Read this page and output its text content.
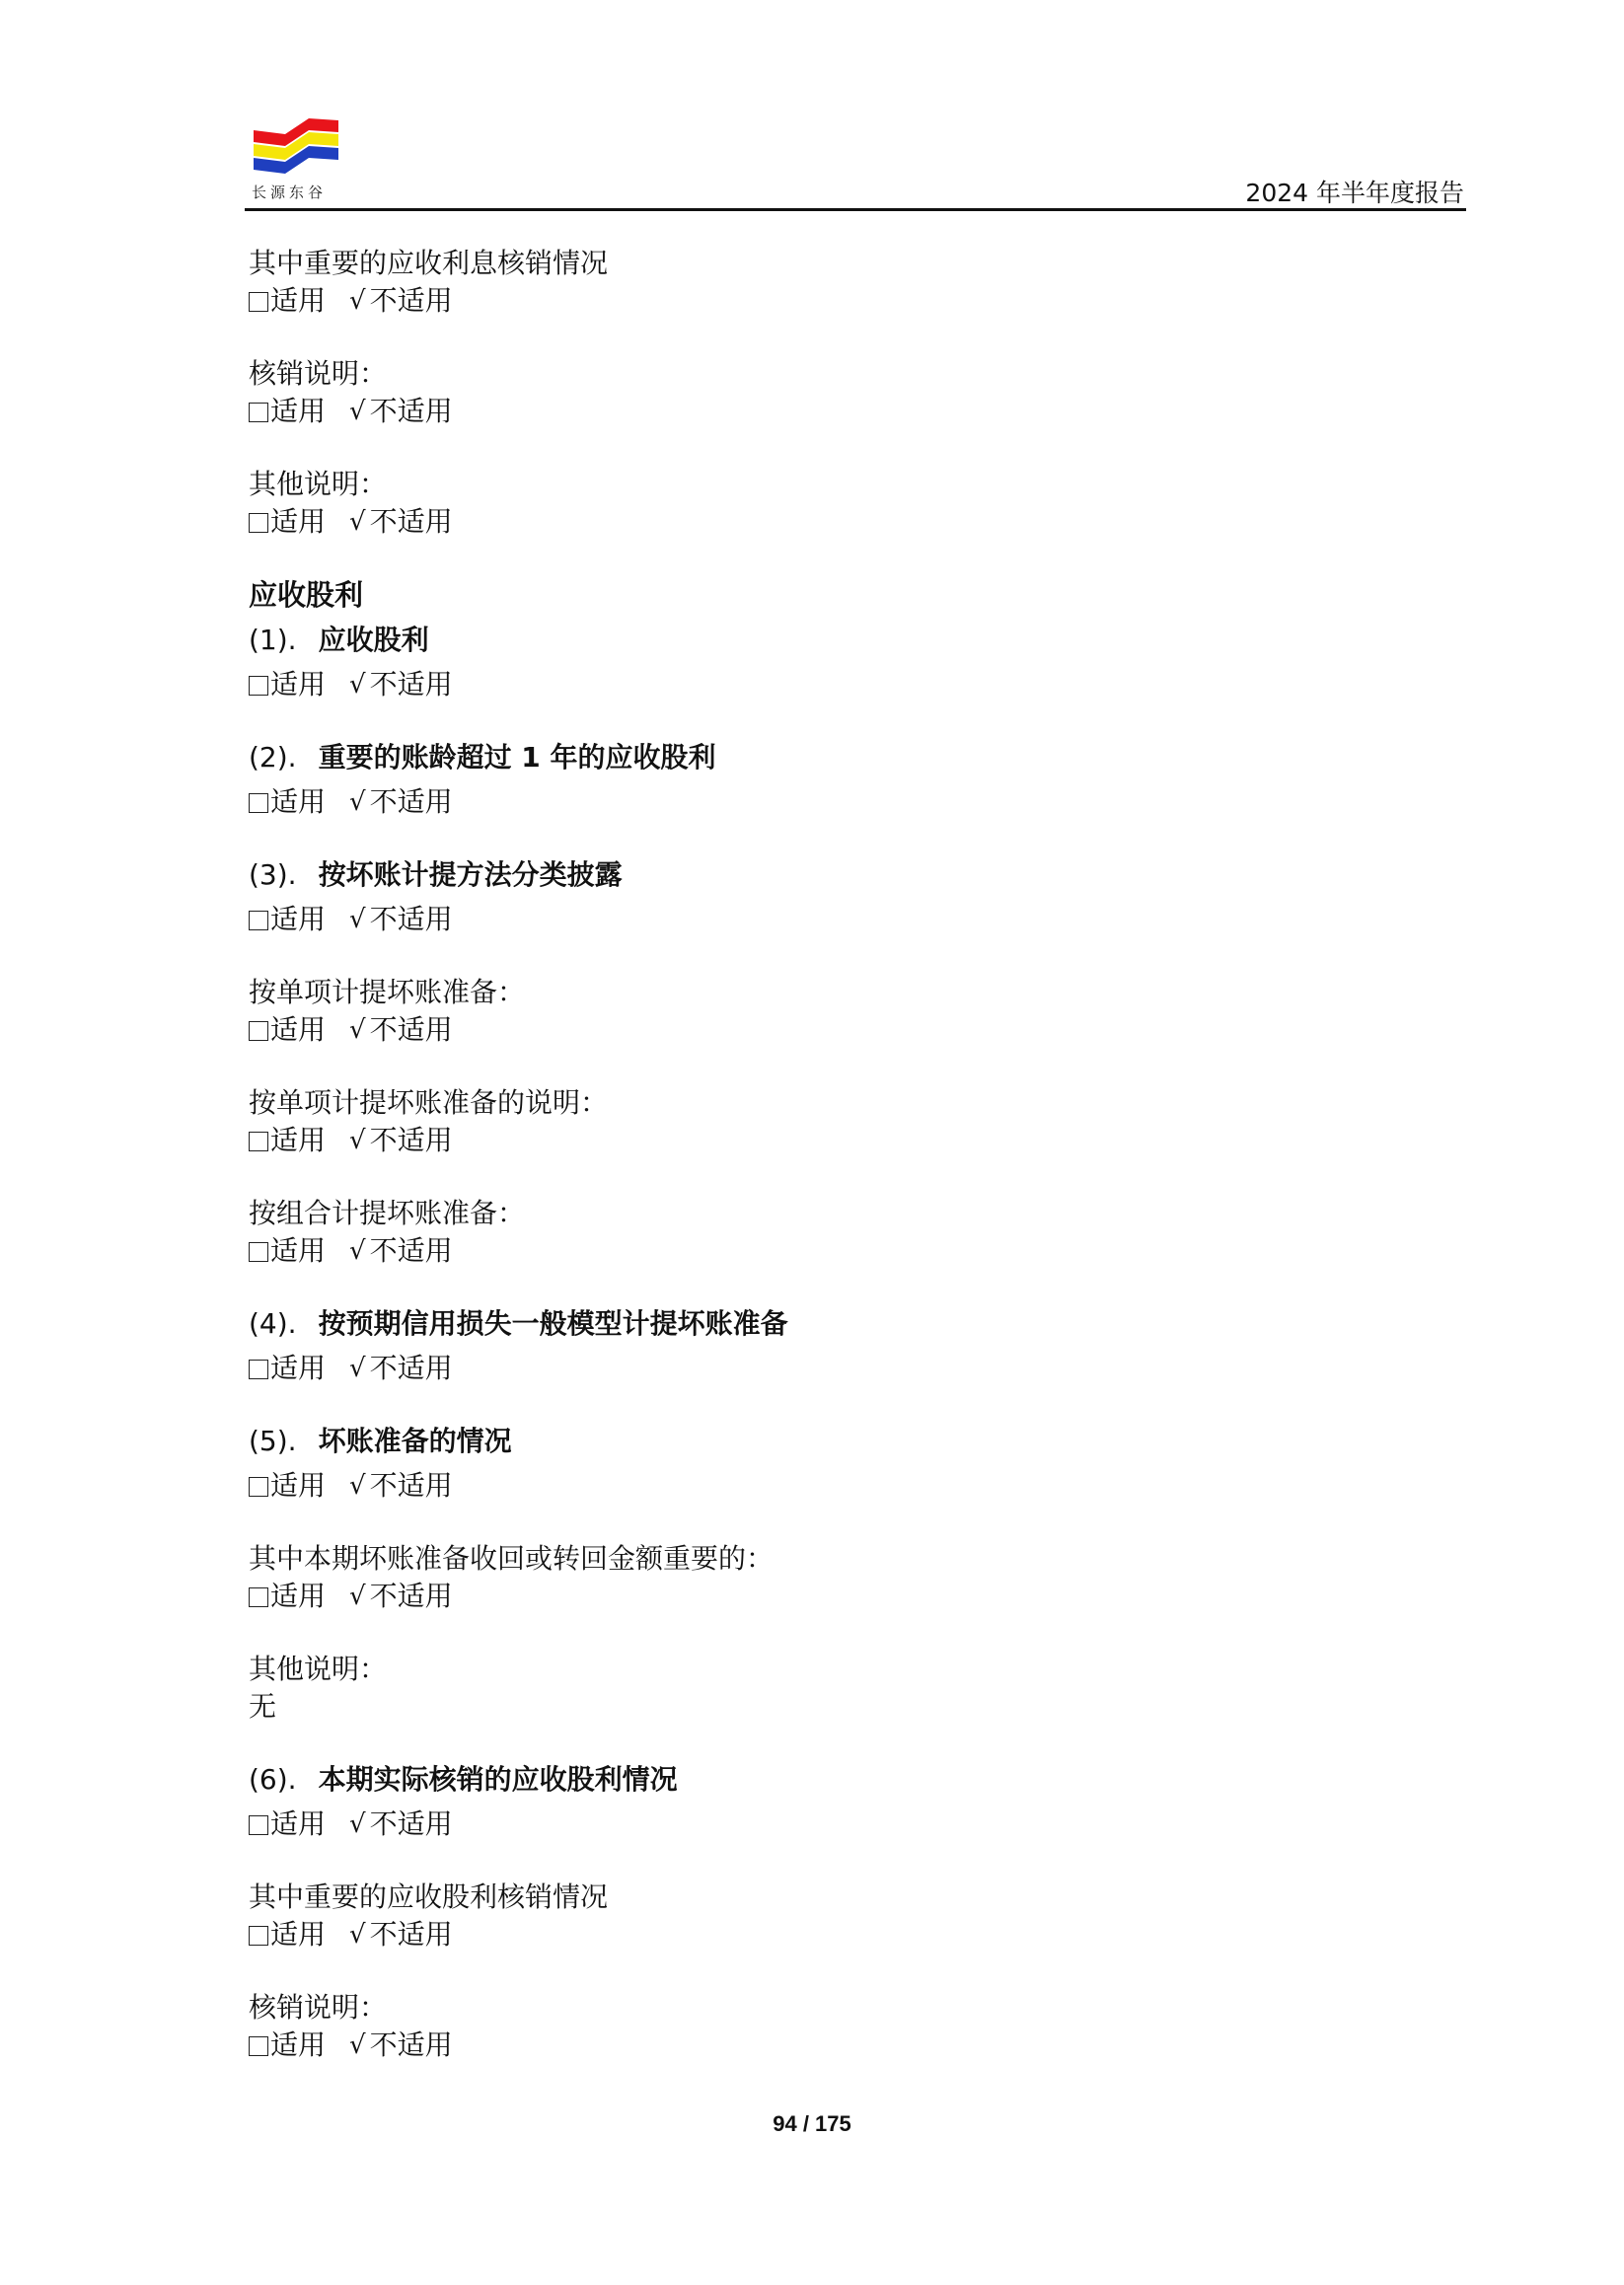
长源东谷	2024 年半年度报告
其中重要的应收利息核销情况
适用 √ 不适用
核销说明：
适用 √ 不适用
其他说明：
适用 √ 不适用
应收股利
(1). 应收股利
适用 √ 不适用
(2). 重要的账龄超过 1 年的应收股利
适用 √ 不适用
(3). 按坏账计提方法分类披露
适用 √ 不适用
按单项计提坏账准备：
适用 √ 不适用
按单项计提坏账准备的说明：
适用 √ 不适用
按组合计提坏账准备：
适用 √ 不适用
(4). 按预期信用损失一般模型计提坏账准备
适用 √ 不适用
(5). 坏账准备的情况
适用 √ 不适用
其中本期坏账准备收回或转回金额重要的：
适用 √ 不适用
其他说明：
无
(6). 本期实际核销的应收股利情况
适用 √ 不适用
其中重要的应收股利核销情况
适用 √ 不适用
核销说明：
适用 √ 不适用
94 / 175
